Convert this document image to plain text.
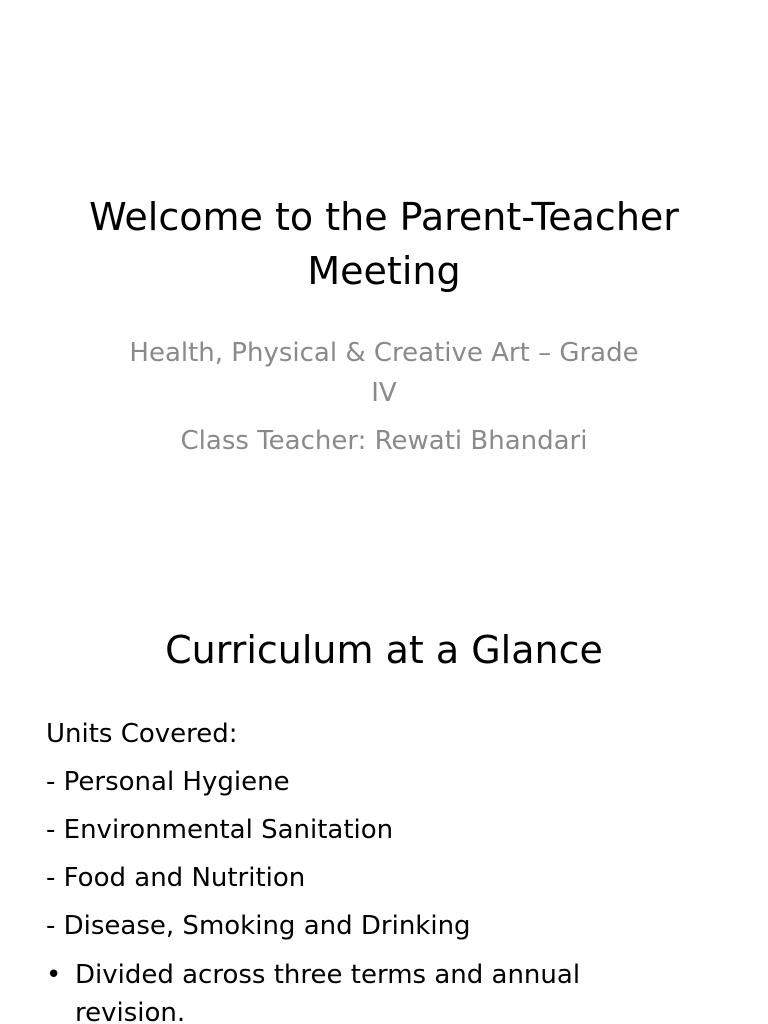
Welcome to the Parent-Teacher Meeting

Health, Physical & Creative Art – Grade IV

Class Teacher: Rewati Bhandari

Curriculum at a Glance
Units Covered:
- Personal Hygiene
- Environmental Sanitation
- Food and Nutrition
- Disease, Smoking and Drinking
• Divided across three terms and annual revision.
